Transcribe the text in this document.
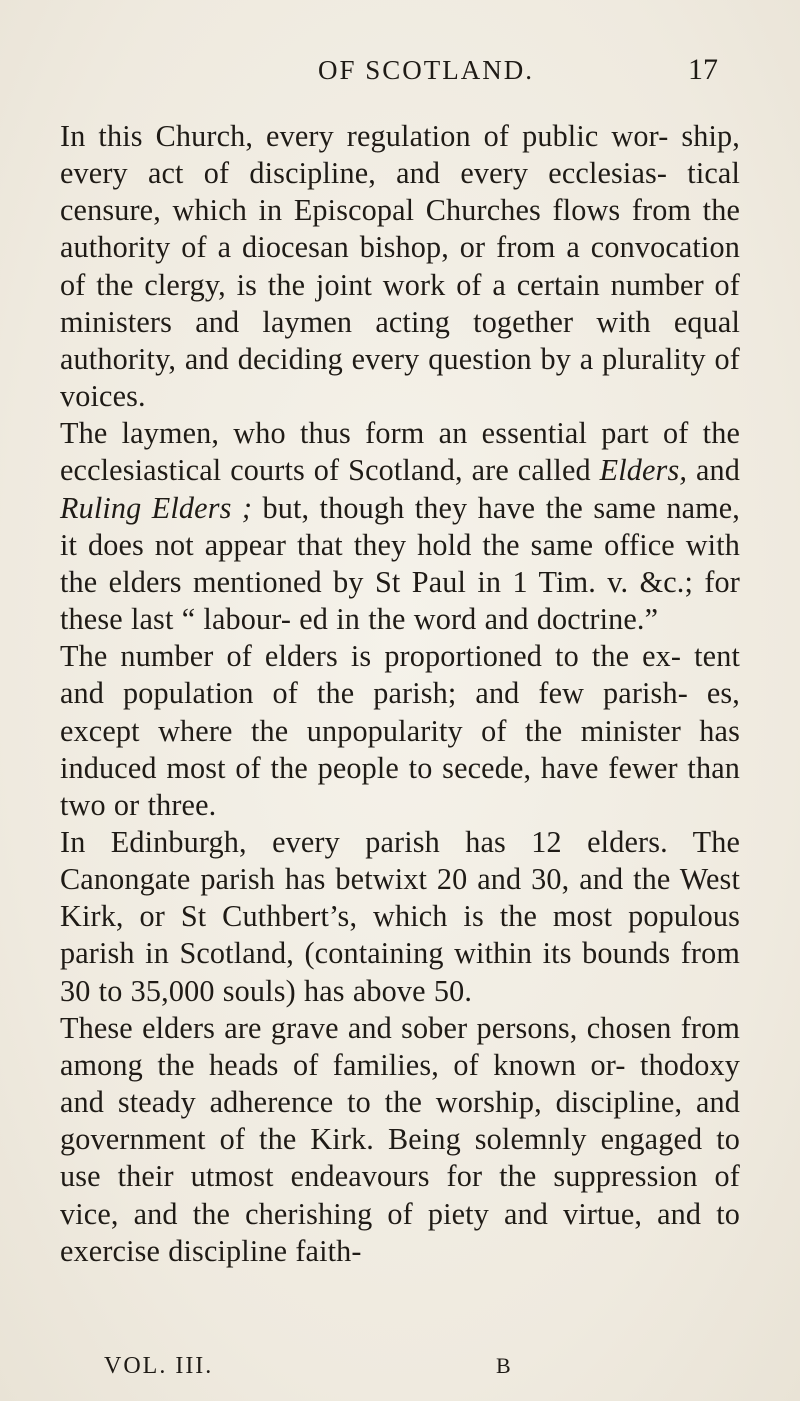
OF SCOTLAND.	17

In this Church, every regulation of public wor- ship, every act of discipline, and every ecclesias- tical censure, which in Episcopal Churches flows from the authority of a diocesan bishop, or from a convocation of the clergy, is the joint work of a certain number of ministers and laymen acting together with equal authority, and deciding every question by a plurality of voices.

The laymen, who thus form an essential part of the ecclesiastical courts of Scotland, are called Elders, and Ruling Elders ; but, though they have the same name, it does not appear that they hold the same office with the elders mentioned by St Paul in 1 Tim. v. &c.; for these last “ labour- ed in the word and doctrine.”

The number of elders is proportioned to the ex- tent and population of the parish; and few parish- es, except where the unpopularity of the minister has induced most of the people to secede, have fewer than two or three.

In Edinburgh, every parish has 12 elders. The Canongate parish has betwixt 20 and 30, and the West Kirk, or St Cuthbert’s, which is the most populous parish in Scotland, (containing within its bounds from 30 to 35,000 souls) has above 50.

These elders are grave and sober persons, chosen from among the heads of families, of known or- thodoxy and steady adherence to the worship, discipline, and government of the Kirk. Being solemnly engaged to use their utmost endeavours for the suppression of vice, and the cherishing of piety and virtue, and to exercise discipline faith-

VOL. III.	B
